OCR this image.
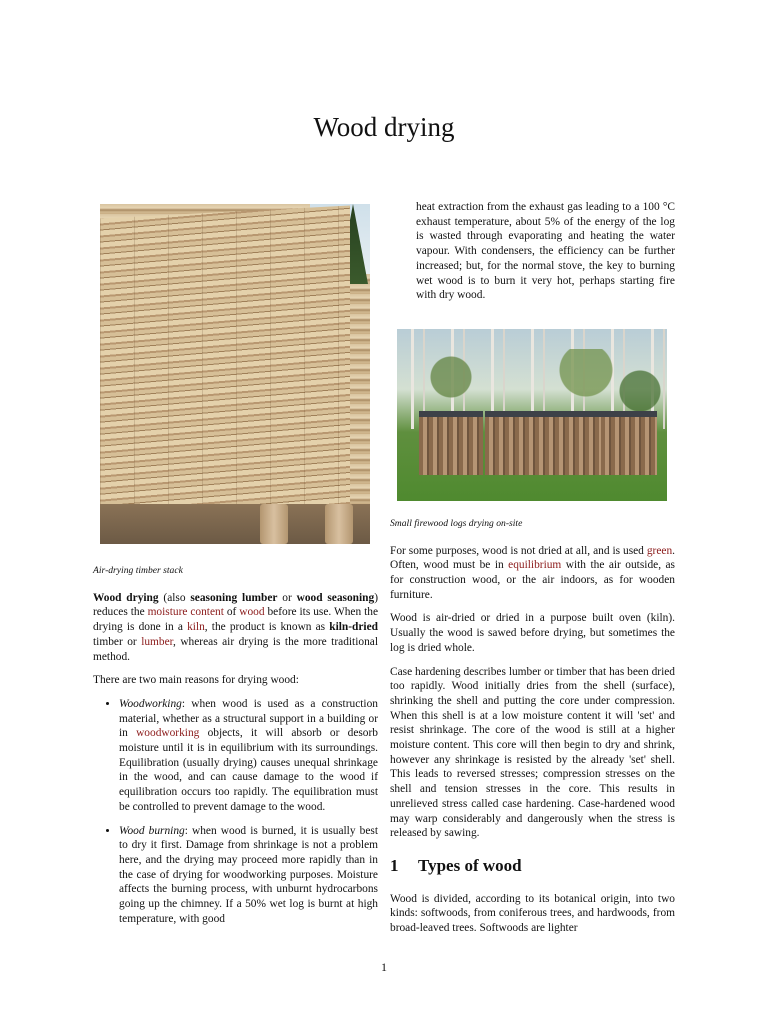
Wood drying

Air-drying timber stack

Wood drying (also seasoning lumber or wood seasoning) reduces the moisture content of wood before its use. When the drying is done in a kiln, the product is known as kiln-dried timber or lumber, whereas air drying is the more traditional method.

There are two main reasons for drying wood:

• Woodworking: when wood is used as a construction material, whether as a structural support in a building or in woodworking objects, it will absorb or desorb moisture until it is in equilibrium with its surroundings. Equilibration (usually drying) causes unequal shrinkage in the wood, and can cause damage to the wood if equilibration occurs too rapidly. The equilibration must be controlled to prevent damage to the wood.
• Wood burning: when wood is burned, it is usually best to dry it first. Damage from shrinkage is not a problem here, and the drying may proceed more rapidly than in the case of drying for woodworking purposes. Moisture affects the burning process, with unburnt hydrocarbons going up the chimney. If a 50% wet log is burnt at high temperature, with good

heat extraction from the exhaust gas leading to a 100 °C exhaust temperature, about 5% of the energy of the log is wasted through evaporating and heating the water vapour. With condensers, the efficiency can be further increased; but, for the normal stove, the key to burning wet wood is to burn it very hot, perhaps starting fire with dry wood.

Small firewood logs drying on-site

For some purposes, wood is not dried at all, and is used green. Often, wood must be in equilibrium with the air outside, as for construction wood, or the air indoors, as for wooden furniture.

Wood is air-dried or dried in a purpose built oven (kiln). Usually the wood is sawed before drying, but sometimes the log is dried whole.

Case hardening describes lumber or timber that has been dried too rapidly. Wood initially dries from the shell (surface), shrinking the shell and putting the core under compression. When this shell is at a low moisture content it will 'set' and resist shrinkage. The core of the wood is still at a higher moisture content. This core will then begin to dry and shrink, however any shrinkage is resisted by the already 'set' shell. This leads to reversed stresses; compression stresses on the shell and tension stresses in the core. This results in unrelieved stress called case hardening. Case-hardened wood may warp considerably and dangerously when the stress is released by sawing.

1 Types of wood

Wood is divided, according to its botanical origin, into two kinds: softwoods, from coniferous trees, and hardwoods, from broad-leaved trees. Softwoods are lighter

1
